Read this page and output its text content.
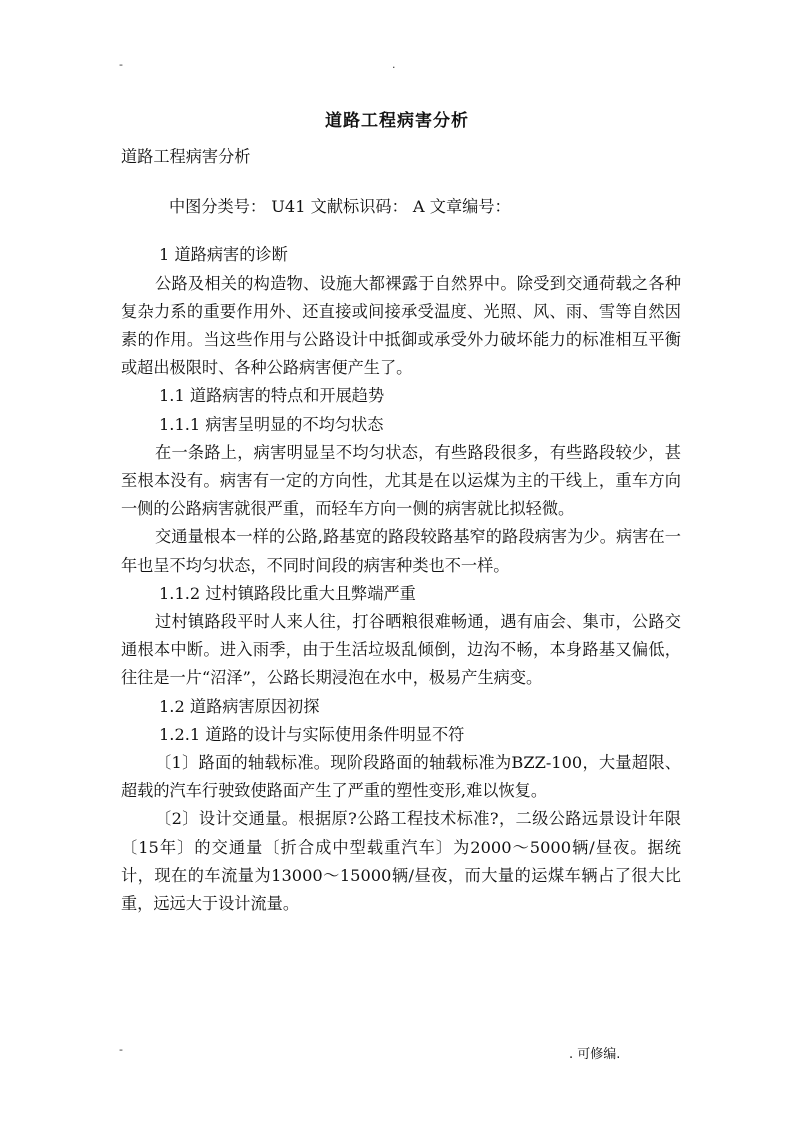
-	.
道路工程病害分析

道路工程病害分析

中图分类号： U41 文献标识码： A 文章编号：

1 道路病害的诊断

公路及相关的构造物、设施大都裸露于自然界中。除受到交通荷载之各种复杂力系的重要作用外、还直接或间接承受温度、光照、风、雨、雪等自然因素的作用。当这些作用与公路设计中抵御或承受外力破坏能力的标准相互平衡或超出极限时、各种公路病害便产生了。

1.1 道路病害的特点和开展趋势

1.1.1 病害呈明显的不均匀状态

在一条路上，病害明显呈不均匀状态，有些路段很多，有些路段较少，甚至根本没有。病害有一定的方向性，尤其是在以运煤为主的干线上，重车方向一侧的公路病害就很严重，而轻车方向一侧的病害就比拟轻微。

交通量根本一样的公路,路基宽的路段较路基窄的路段病害为少。病害在一年也呈不均匀状态，不同时间段的病害种类也不一样。

1.1.2 过村镇路段比重大且弊端严重

过村镇路段平时人来人往，打谷晒粮很难畅通，遇有庙会、集市，公路交通根本中断。进入雨季，由于生活垃圾乱倾倒，边沟不畅，本身路基又偏低，往往是一片“沼泽”，公路长期浸泡在水中，极易产生病变。

1.2 道路病害原因初探

1.2.1 道路的设计与实际使用条件明显不符

〔1〕路面的轴载标准。现阶段路面的轴载标准为BZZ-100，大量超限、超载的汽车行驶致使路面产生了严重的塑性变形,难以恢复。

〔2〕设计交通量。根据原?公路工程技术标准?，二级公路远景设计年限〔15年〕的交通量〔折合成中型载重汽车〕为2000～5000辆/昼夜。据统计，现在的车流量为13000～15000辆/昼夜，而大量的运煤车辆占了很大比重，远远大于设计流量。

-	. 可修编.
